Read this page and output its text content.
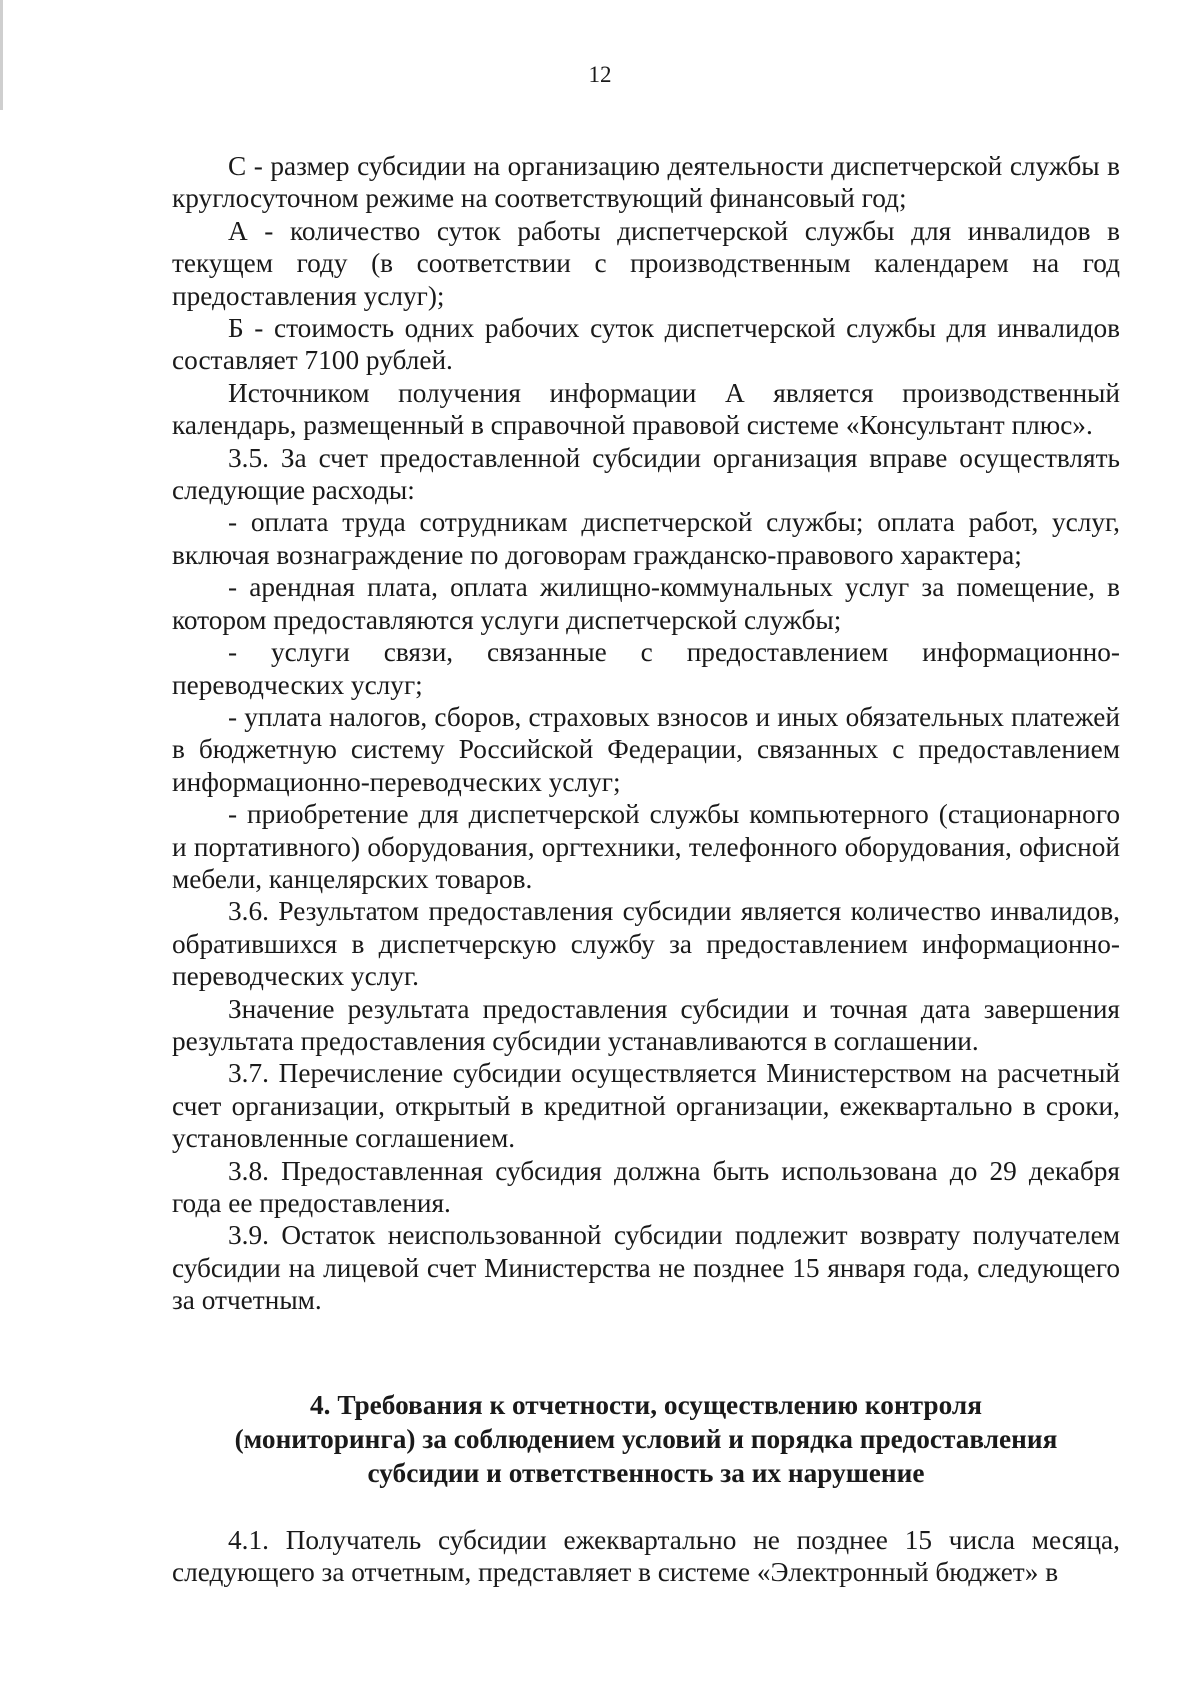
12

С - размер субсидии на организацию деятельности диспетчерской службы в круглосуточном режиме на соответствующий финансовый год;

А - количество суток работы диспетчерской службы для инвалидов в текущем году (в соответствии с производственным календарем на год предоставления услуг);

Б - стоимость одних рабочих суток диспетчерской службы для инвалидов составляет 7100 рублей.

Источником получения информации А является производственный календарь, размещенный в справочной правовой системе «Консультант плюс».

3.5. За счет предоставленной субсидии организация вправе осуществлять следующие расходы:

- оплата труда сотрудникам диспетчерской службы; оплата работ, услуг, включая вознаграждение по договорам гражданско-правового характера;

- арендная плата, оплата жилищно-коммунальных услуг за помещение, в котором предоставляются услуги диспетчерской службы;

- услуги связи, связанные с предоставлением информационно-переводческих услуг;

- уплата налогов, сборов, страховых взносов и иных обязательных платежей в бюджетную систему Российской Федерации, связанных с предоставлением информационно-переводческих услуг;

- приобретение для диспетчерской службы компьютерного (стационарного и портативного) оборудования, оргтехники, телефонного оборудования, офисной мебели, канцелярских товаров.

3.6. Результатом предоставления субсидии является количество инвалидов, обратившихся в диспетчерскую службу за предоставлением информационно-переводческих услуг.

Значение результата предоставления субсидии и точная дата завершения результата предоставления субсидии устанавливаются в соглашении.

3.7. Перечисление субсидии осуществляется Министерством на расчетный счет организации, открытый в кредитной организации, ежеквартально в сроки, установленные соглашением.

3.8. Предоставленная субсидия должна быть использована до 29 декабря года ее предоставления.

3.9. Остаток неиспользованной субсидии подлежит возврату получателем субсидии на лицевой счет Министерства не позднее 15 января года, следующего за отчетным.

4. Требования к отчетности, осуществлению контроля
(мониторинга) за соблюдением условий и порядка предоставления
субсидии и ответственность за их нарушение

4.1. Получатель субсидии ежеквартально не позднее 15 числа месяца, следующего за отчетным, представляет в системе «Электронный бюджет» в
